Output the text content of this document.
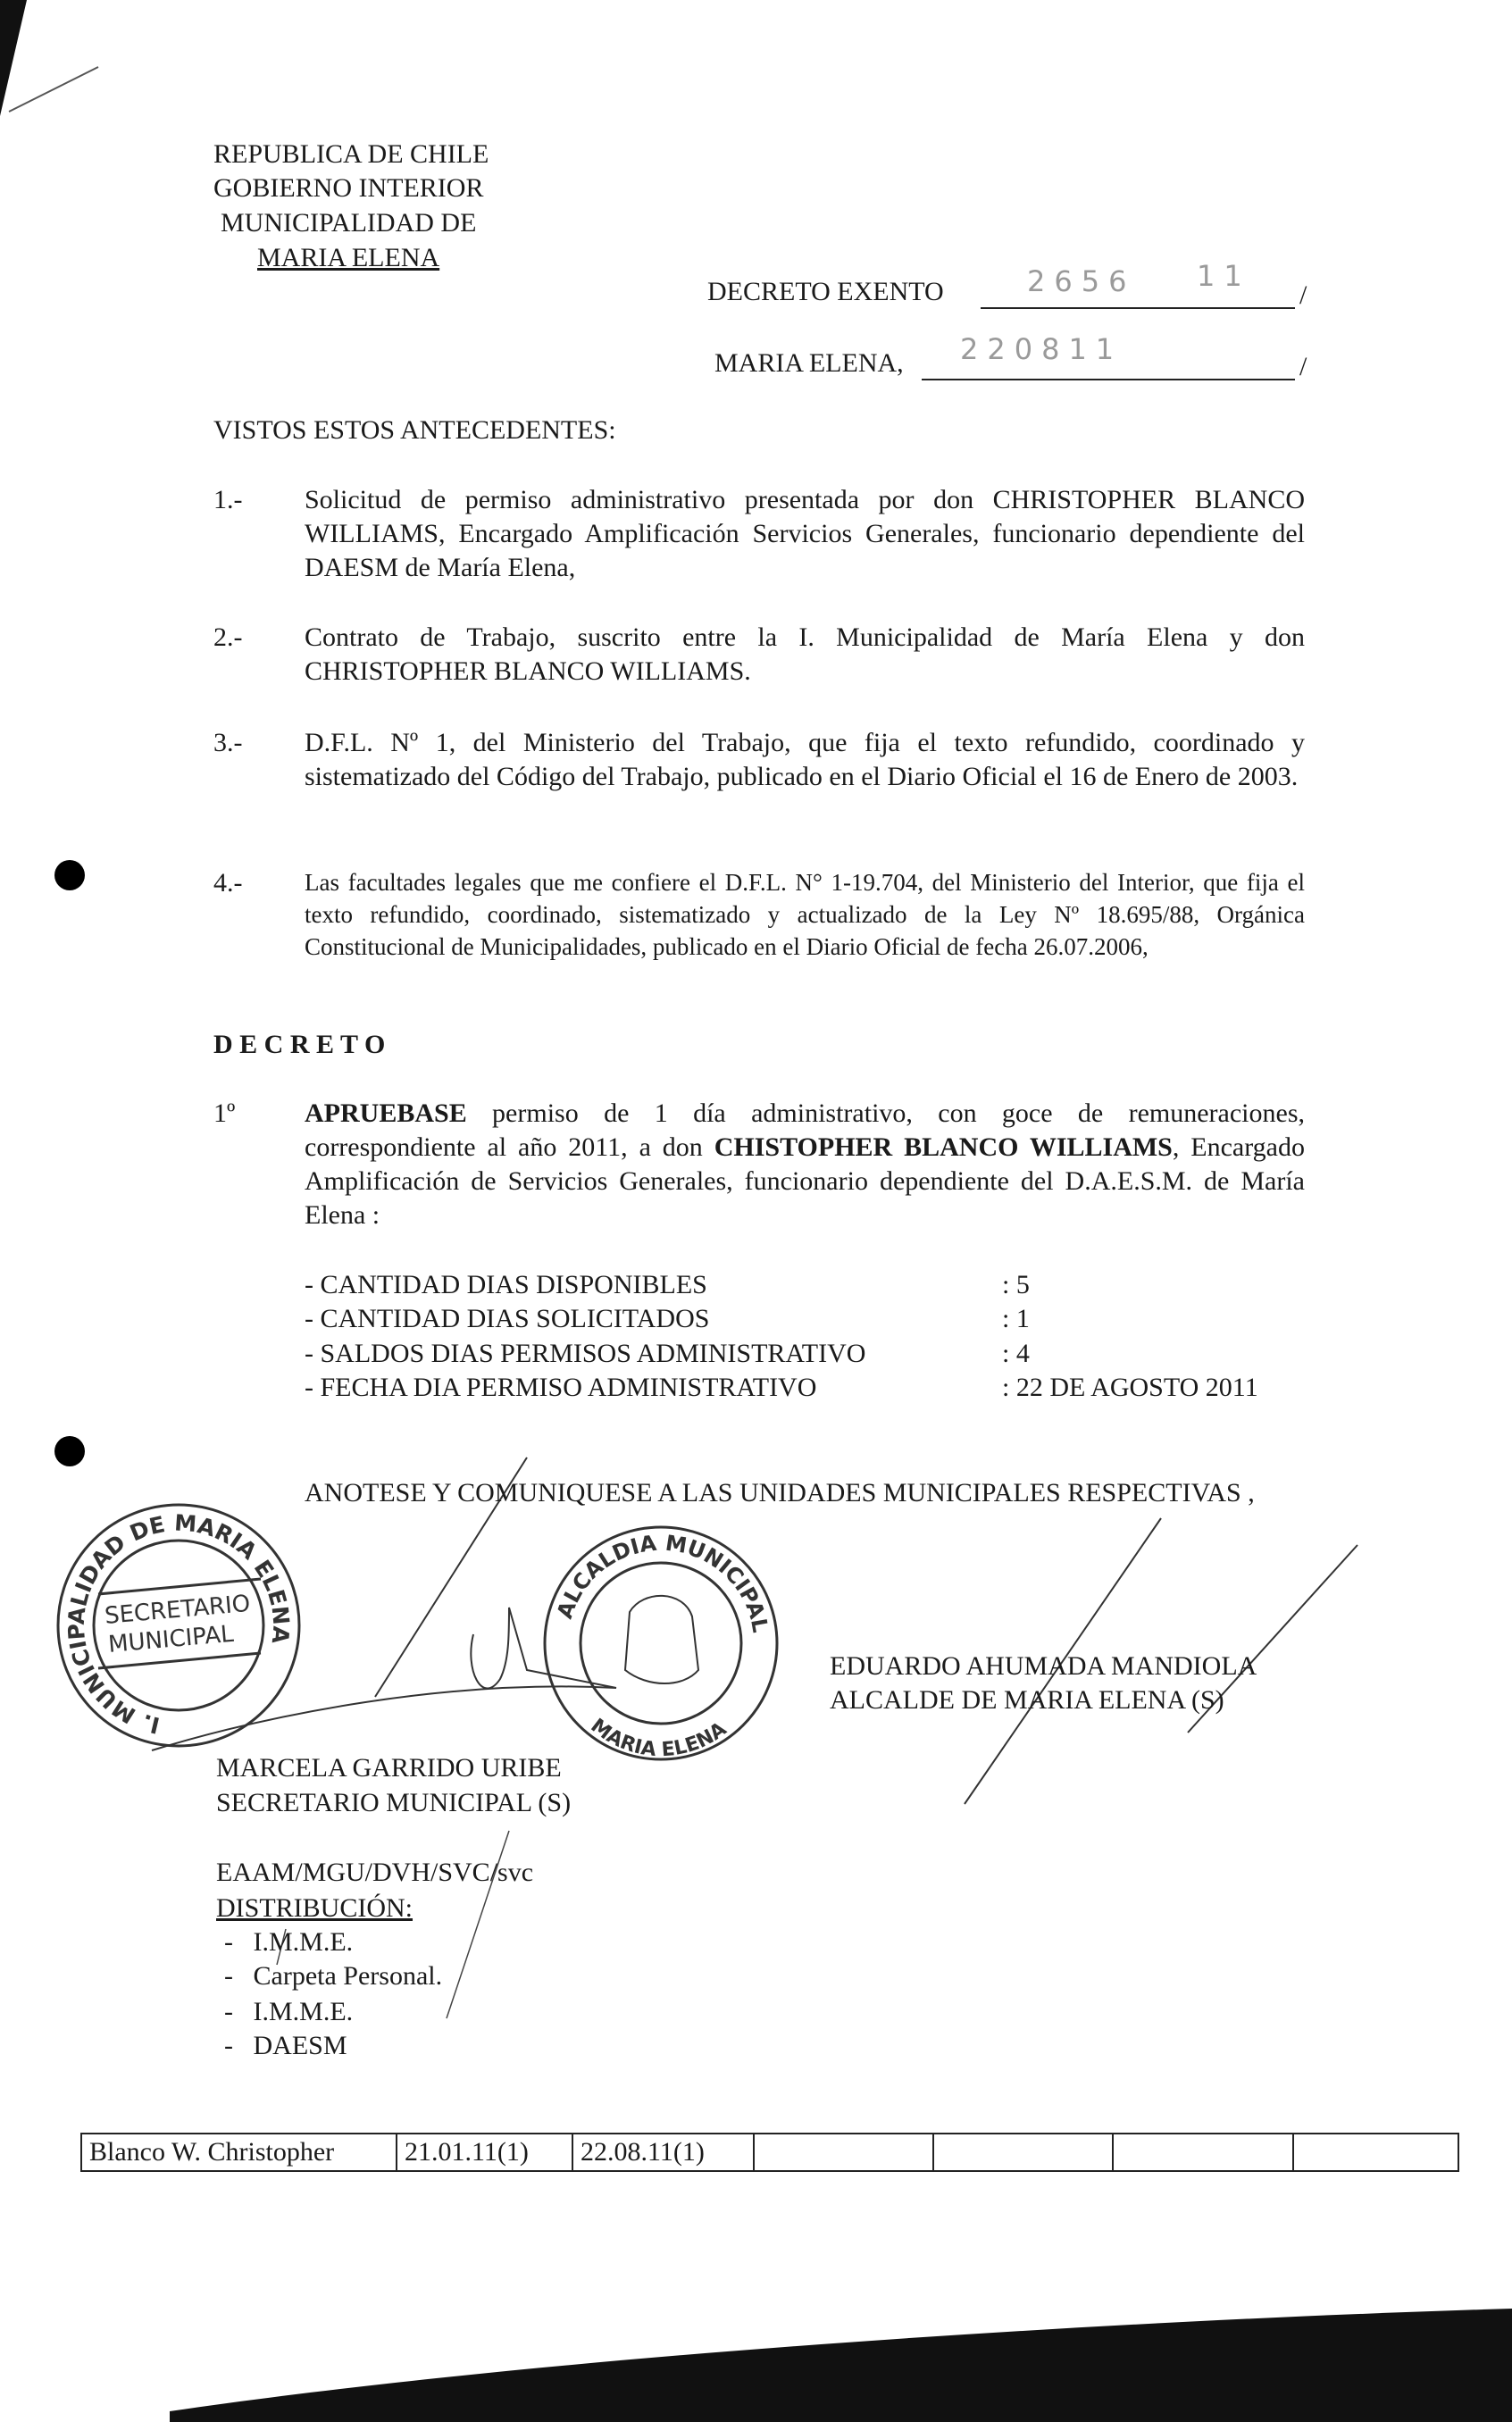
REPUBLICA DE CHILE
GOBIERNO INTERIOR
MUNICIPALIDAD DE
MARIA ELENA
DECRETO EXENTO	2656 11
/
MARIA ELENA, 220811
/
VISTOS ESTOS ANTECEDENTES:
1.- Solicitud de permiso administrativo presentada por don CHRISTOPHER BLANCO WILLIAMS, Encargado Amplificación Servicios Generales, funcionario dependiente del DAESM de María Elena,
2.- Contrato de Trabajo, suscrito entre la I. Municipalidad de María Elena y don CHRISTOPHER BLANCO WILLIAMS.
3.- D.F.L. Nº 1, del Ministerio del Trabajo, que fija el texto refundido, coordinado y sistematizado del Código del Trabajo, publicado en el Diario Oficial el 16 de Enero de 2003.
4.-	Las facultades legales que me confiere el D.F.L. N° 1-19.704, del Ministerio del Interior, que fija el texto refundido, coordinado, sistematizado y actualizado de la Ley Nº 18.695/88, Orgánica Constitucional de Municipalidades, publicado en el Diario Oficial de fecha 26.07.2006,
D E C R E T O
1º	APRUEBASE permiso de 1 día administrativo, con goce de remuneraciones, correspondiente al año 2011, a don CHISTOPHER BLANCO WILLIAMS, Encargado Amplificación de Servicios Generales, funcionario dependiente del D.A.E.S.M. de María Elena :
- CANTIDAD DIAS DISPONIBLES	: 5
- CANTIDAD DIAS SOLICITADOS	: 1
- SALDOS DIAS PERMISOS ADMINISTRATIVO	: 4
- FECHA DIA PERMISO ADMINISTRATIVO	: 22 DE AGOSTO 2011
ANOTESE Y COMUNIQUESE A LAS UNIDADES MUNICIPALES RESPECTIVAS ,
I. MUNICIPALIDAD DE MARIA ELENA
SECRETARIO
MUNICIPAL
ALCALDIA MUNICIPAL
MARIA ELENA
MARCELA GARRIDO URIBE
SECRETARIO MUNICIPAL (S)
EDUARDO AHUMADA MANDIOLA
ALCALDE DE MARIA ELENA (S)
EAAM/MGU/DVH/SVC/svc
DISTRIBUCIÓN:
-   I.M.M.E.
-   Carpeta Personal.
-   I.M.M.E.
-   DAESM
Blanco W. Christopher	21.01.11(1)	22.08.11(1)				
